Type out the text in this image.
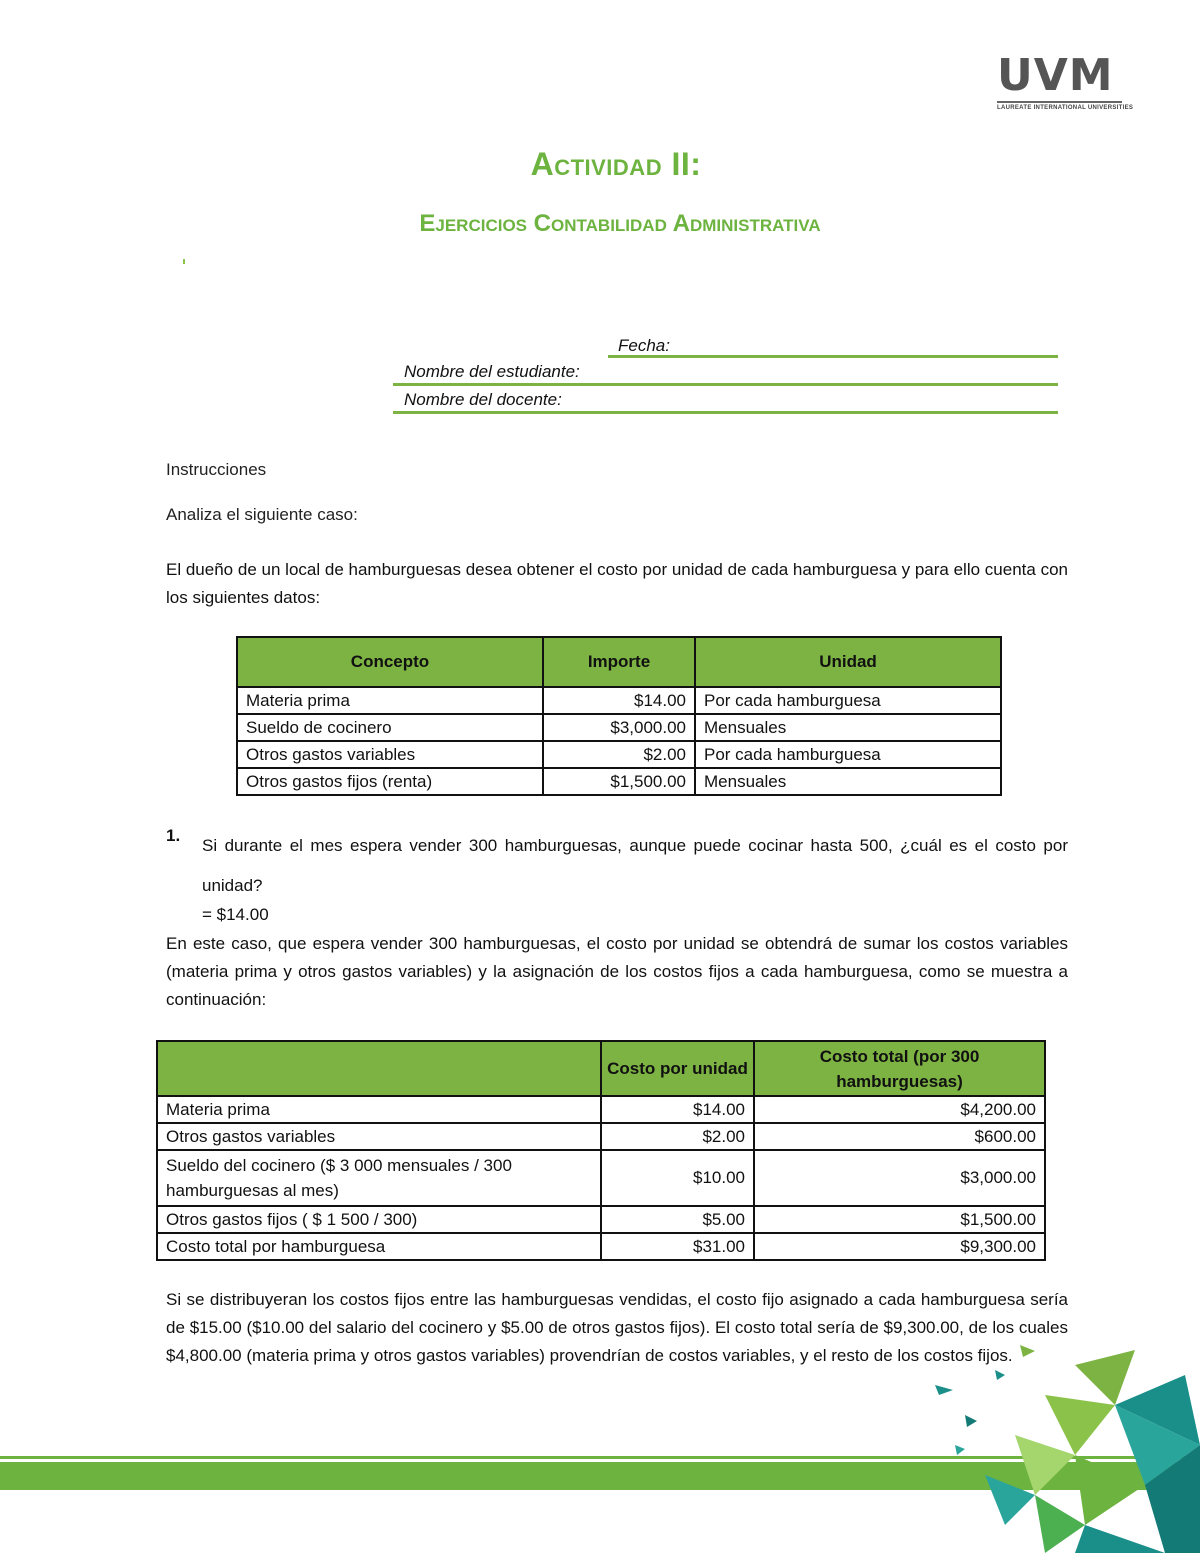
UVM
LAUREATE INTERNATIONAL UNIVERSITIES
Actividad II:
Ejercicios Contabilidad Administrativa
Fecha:
Nombre del estudiante:
Nombre del docente:
Instrucciones
Analiza el siguiente caso:
El dueño de un local de hamburguesas desea obtener el costo por unidad de cada hamburguesa y para ello cuenta con los siguientes datos:
Concepto	Importe	Unidad
Materia prima	$14.00	Por cada hamburguesa
Sueldo de cocinero	$3,000.00	Mensuales
Otros gastos variables	$2.00	Por cada hamburguesa
Otros gastos fijos (renta)	$1,500.00	Mensuales
1.
Si durante el mes espera vender 300 hamburguesas, aunque puede cocinar hasta 500, ¿cuál es el costo por unidad?
= $14.00
En este caso, que espera vender 300 hamburguesas, el costo por unidad se obtendrá de sumar los costos variables (materia prima y otros gastos variables) y la asignación de los costos fijos a cada hamburguesa, como se muestra a continuación:
	Costo por unidad	Costo total (por 300 hamburguesas)
Materia prima	$14.00	$4,200.00
Otros gastos variables	$2.00	$600.00
Sueldo del cocinero ($ 3 000 mensuales / 300 hamburguesas al mes)	$10.00	$3,000.00
Otros gastos fijos ( $ 1 500 / 300)	$5.00	$1,500.00
Costo total por hamburguesa	$31.00	$9,300.00
Si se distribuyeran los costos fijos entre las hamburguesas vendidas, el costo fijo asignado a cada hamburguesa sería de $15.00 ($10.00 del salario del cocinero y $5.00 de otros gastos fijos). El costo total sería de $9,300.00, de los cuales $4,800.00 (materia prima y otros gastos variables) provendrían de costos variables, y el resto de los costos fijos.
